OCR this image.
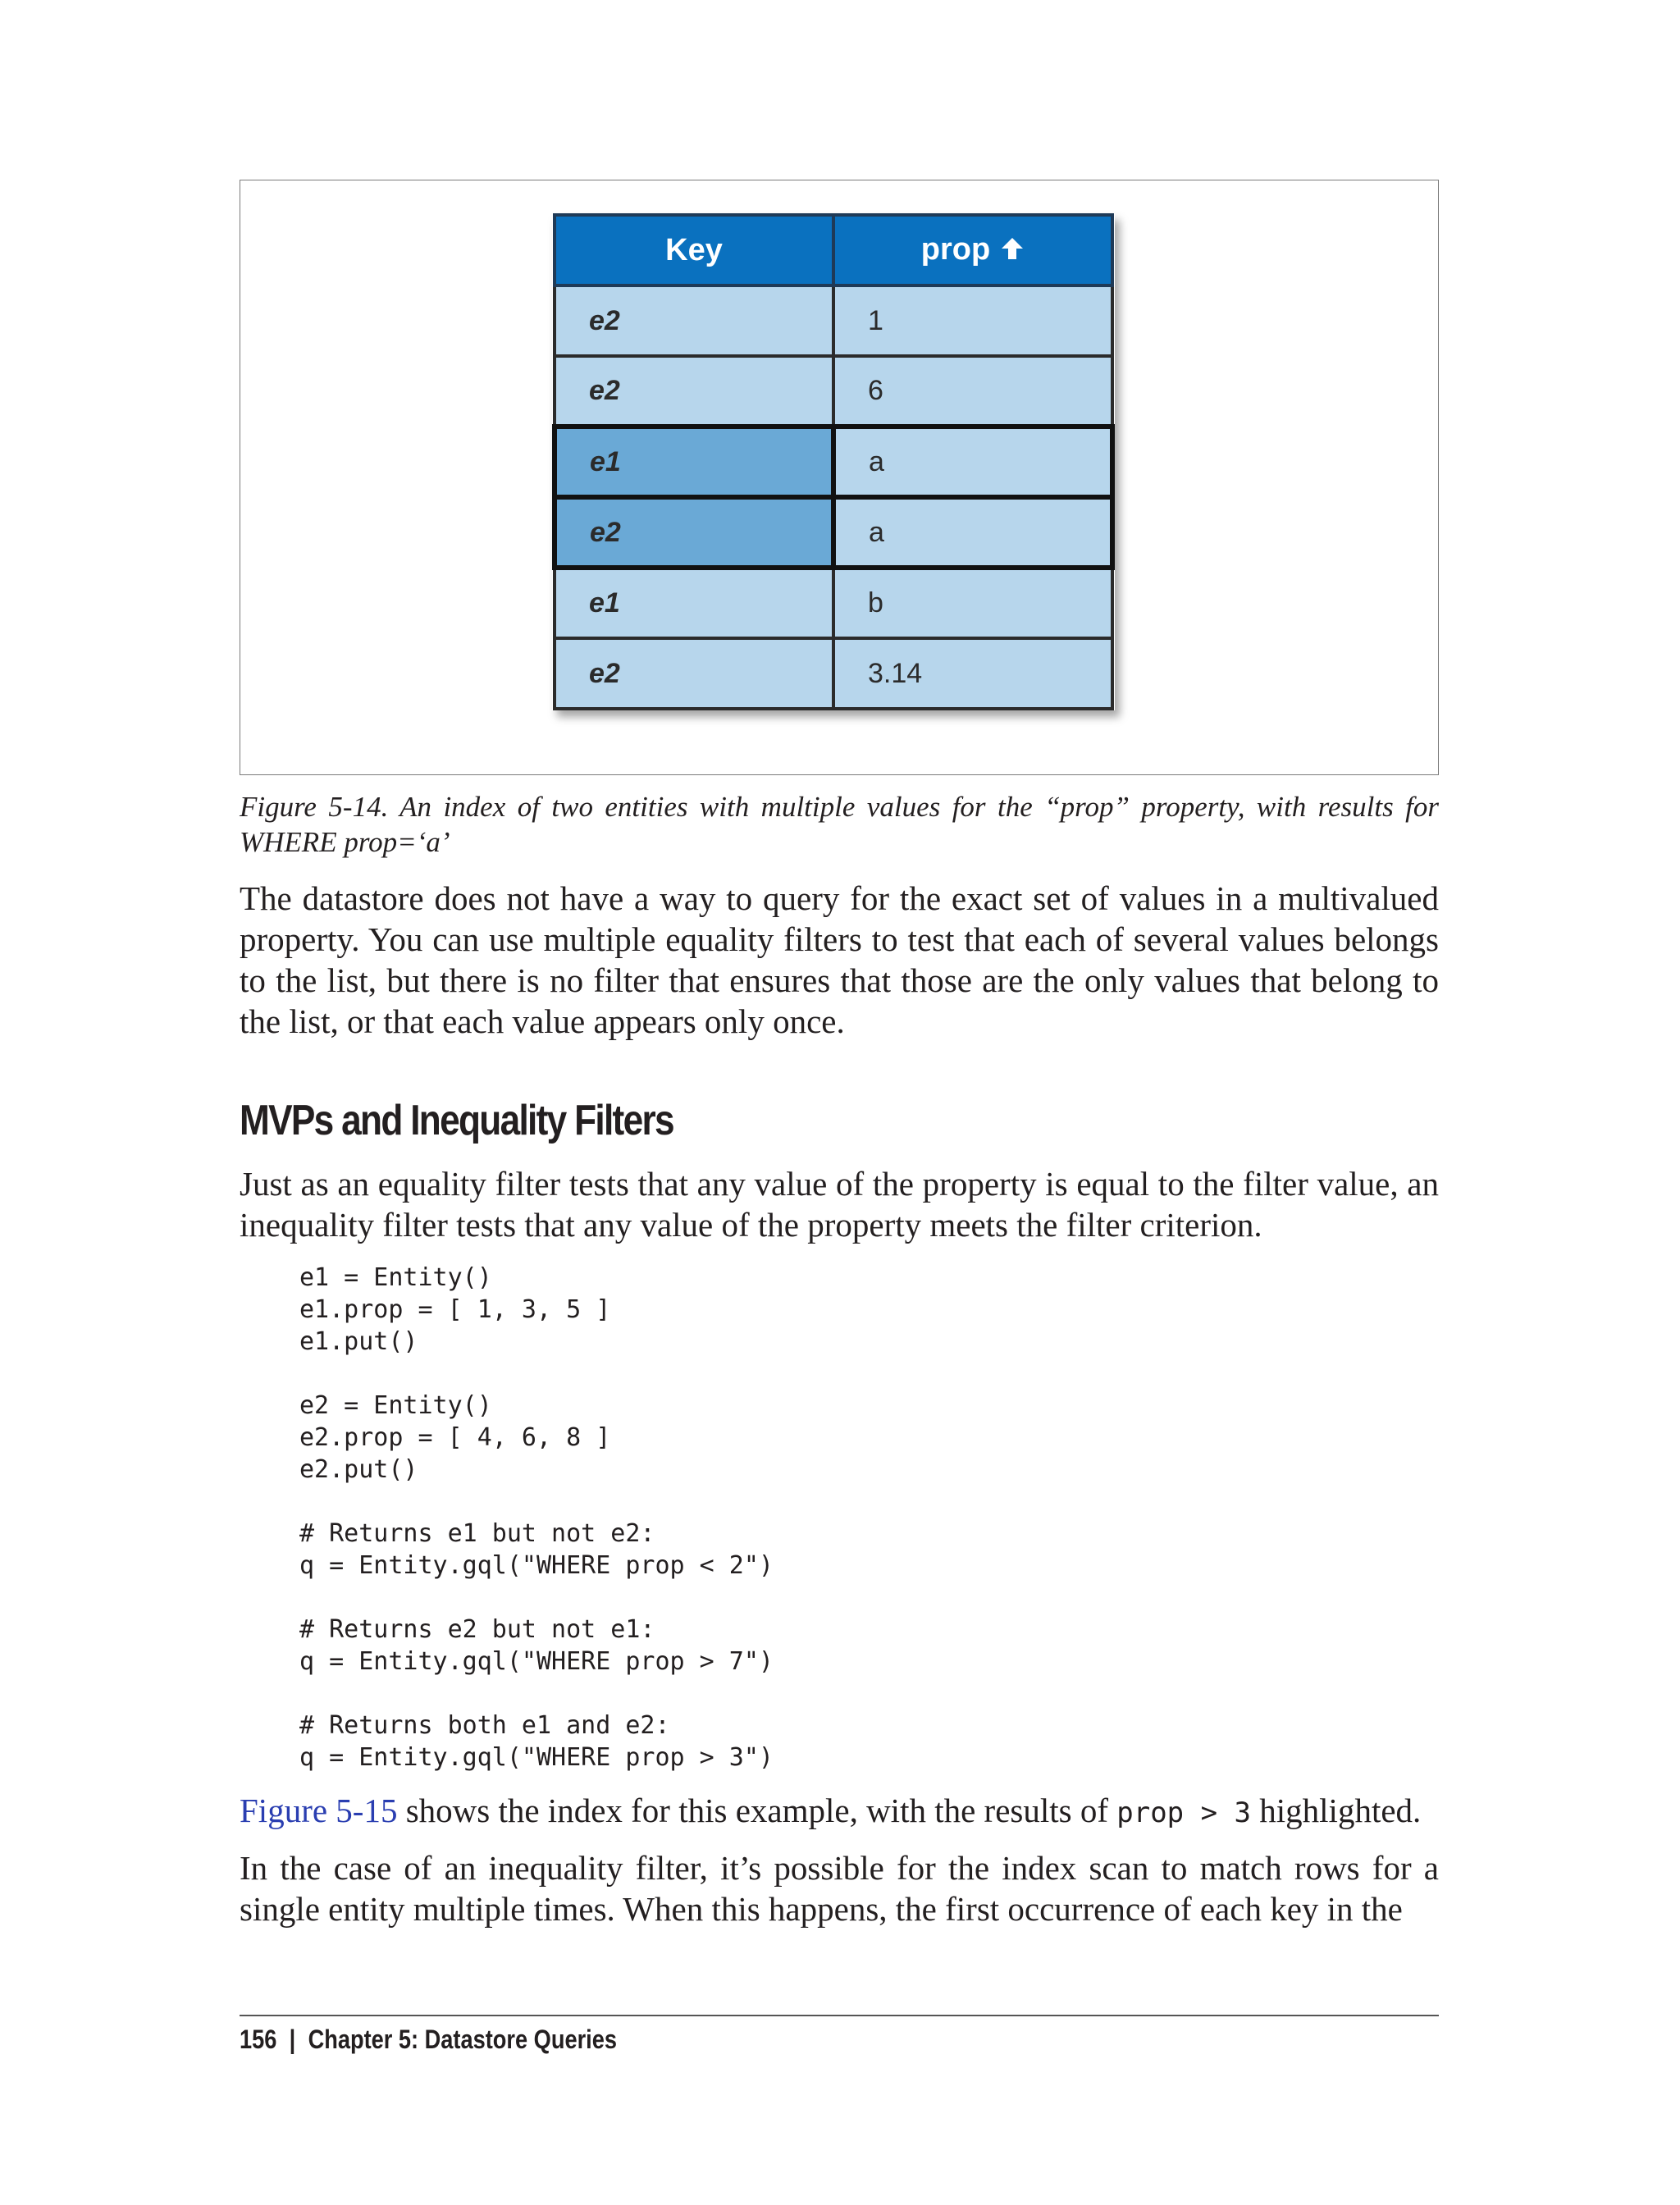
Key	prop
e2	1
e2	6
e1	a
e2	a
e1	b
e2	3.14
Figure 5-14. An index of two entities with multiple values for the “prop” property, with results for WHERE prop=‘a’
The datastore does not have a way to query for the exact set of values in a multivalued property. You can use multiple equality filters to test that each of several values belongs to the list, but there is no filter that ensures that those are the only values that belong to the list, or that each value appears only once.
MVPs and Inequality Filters
Just as an equality filter tests that any value of the property is equal to the filter value, an inequality filter tests that any value of the property meets the filter criterion.
e1 = Entity()
e1.prop = [ 1, 3, 5 ]
e1.put()

e2 = Entity()
e2.prop = [ 4, 6, 8 ]
e2.put()

# Returns e1 but not e2:
q = Entity.gql("WHERE prop < 2")

# Returns e2 but not e1:
q = Entity.gql("WHERE prop > 7")

# Returns both e1 and e2:
q = Entity.gql("WHERE prop > 3")
Figure 5-15 shows the index for this example, with the results of prop > 3 highlighted.
In the case of an inequality filter, it’s possible for the index scan to match rows for a single entity multiple times. When this happens, the first occurrence of each key in the
156 | Chapter 5: Datastore Queries
